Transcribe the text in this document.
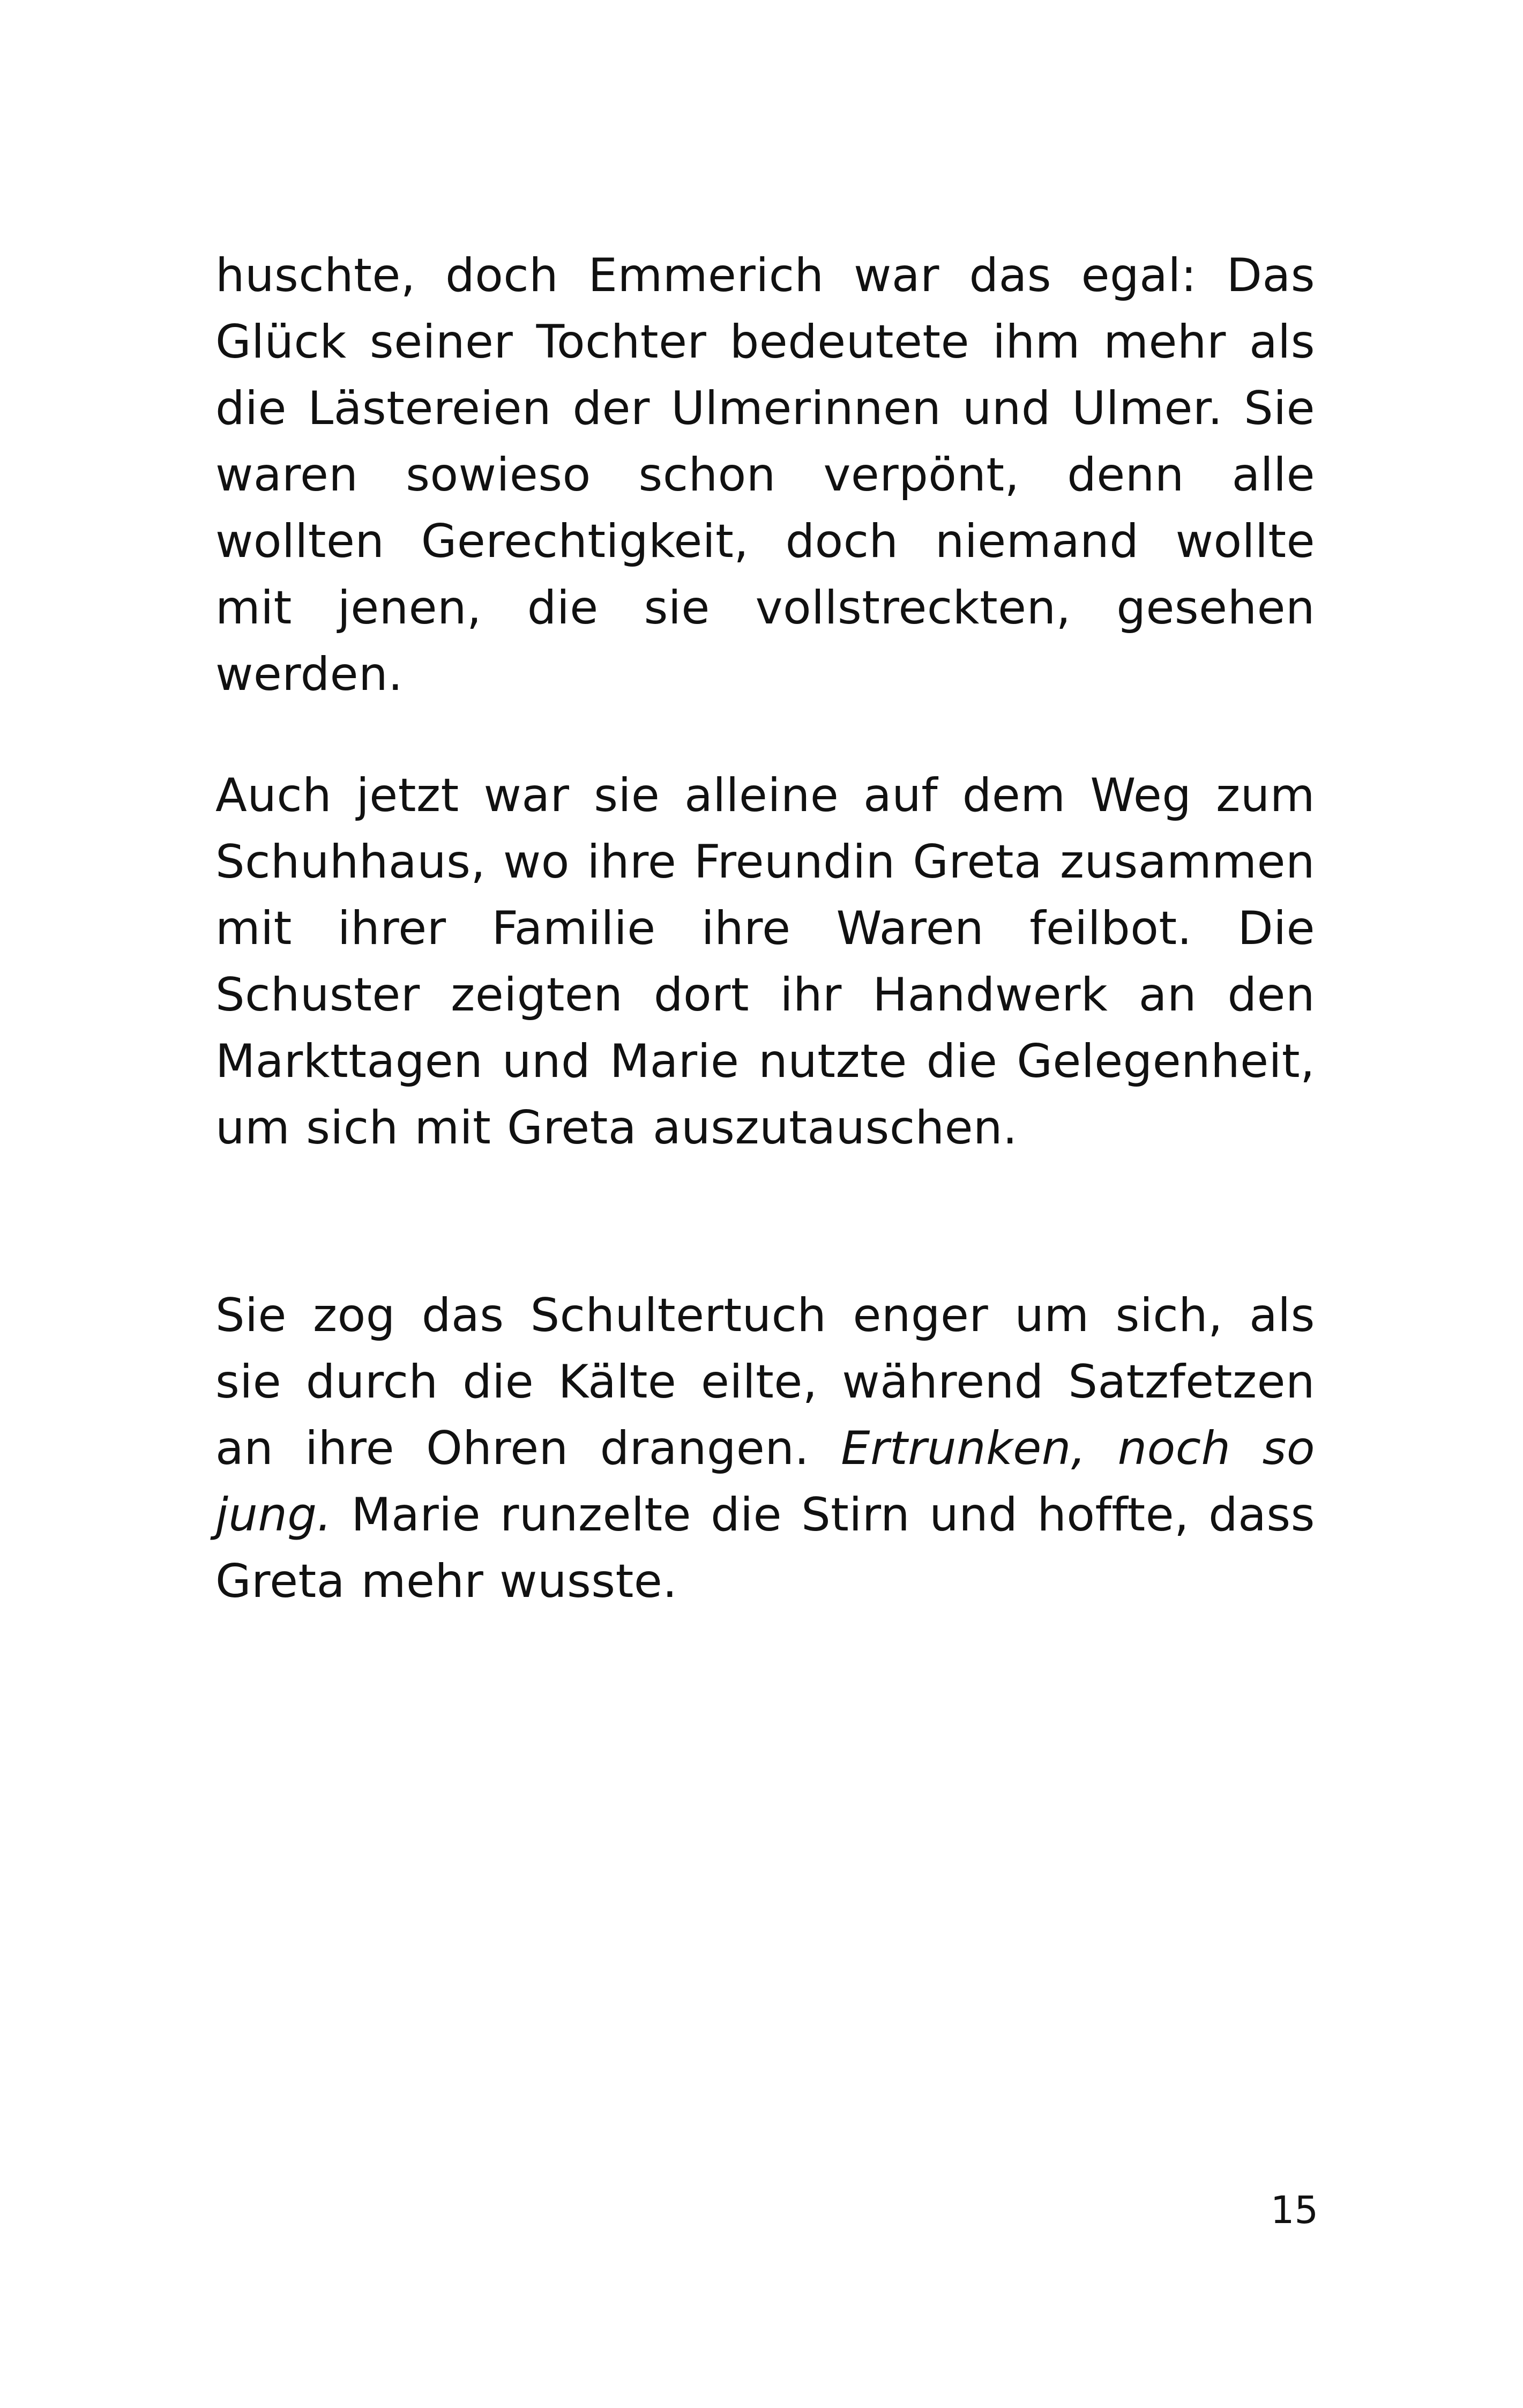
huschte, doch Emmerich war das egal: Das Glück seiner Tochter bedeutete ihm mehr als die Lästereien der Ulmerinnen und Ulmer. Sie waren sowieso schon verpönt, denn alle wollten Gerechtigkeit, doch niemand wollte mit jenen, die sie vollstreckten, gesehen werden.

Auch jetzt war sie alleine auf dem Weg zum Schuhhaus, wo ihre Freundin Greta zusammen mit ihrer Familie ihre Waren feilbot. Die Schuster zeigten dort ihr Handwerk an den Markttagen und Marie nutzte die Gelegenheit, um sich mit Greta auszutauschen.

Sie zog das Schultertuch enger um sich, als sie durch die Kälte eilte, während Satzfetzen an ihre Ohren drangen. Ertrunken, noch so jung. Marie runzelte die Stirn und hoffte, dass Greta mehr wusste.

15
